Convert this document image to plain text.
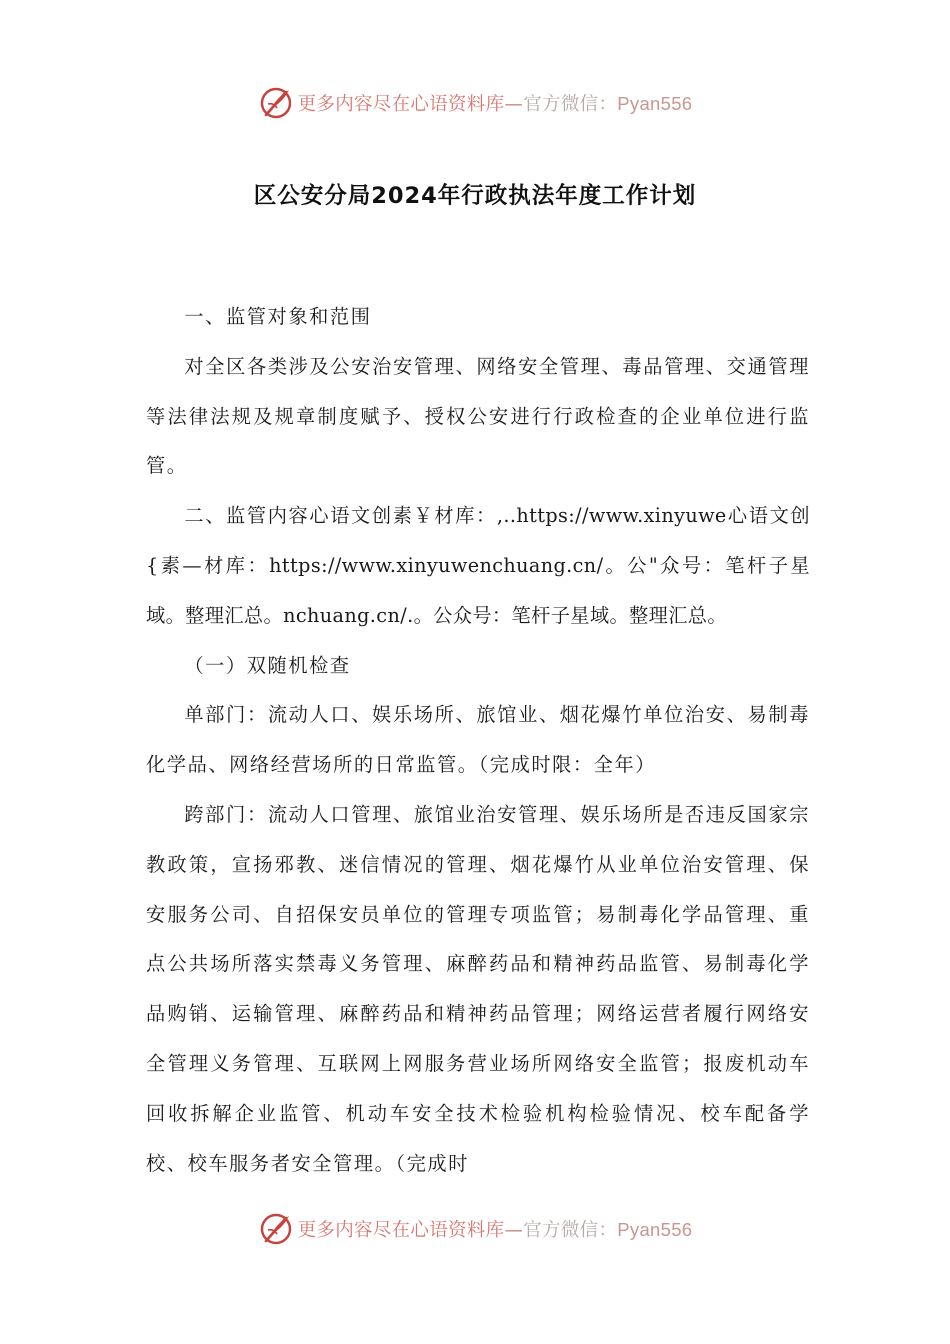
更多内容尽在心语资料库—官方微信：Pyan556
区公安分局2024年行政执法年度工作计划

一、监管对象和范围

对全区各类涉及公安治安管理、网络安全管理、毒品管理、交通管理等法律法规及规章制度赋予、授权公安进行行政检查的企业单位进行监管。

二、监管内容心语文创素￥材库：,..https://www.xinyuwe心语文创{素—材库：https://www.xinyuwenchuang.cn/。公"众号：笔杆子星域。整理汇总。nchuang.cn/.。公众号：笔杆子星域。整理汇总。

（一）双随机检查

单部门：流动人口、娱乐场所、旅馆业、烟花爆竹单位治安、易制毒化学品、网络经营场所的日常监管。（完成时限：全年）

跨部门：流动人口管理、旅馆业治安管理、娱乐场所是否违反国家宗教政策，宣扬邪教、迷信情况的管理、烟花爆竹从业单位治安管理、保安服务公司、自招保安员单位的管理专项监管；易制毒化学品管理、重点公共场所落实禁毒义务管理、麻醉药品和精神药品监管、易制毒化学品购销、运输管理、麻醉药品和精神药品管理；网络运营者履行网络安全管理义务管理、互联网上网服务营业场所网络安全监管；报废机动车回收拆解企业监管、机动车安全技术检验机构检验情况、校车配备学校、校车服务者安全管理。（完成时

更多内容尽在心语资料库—官方微信：Pyan556
